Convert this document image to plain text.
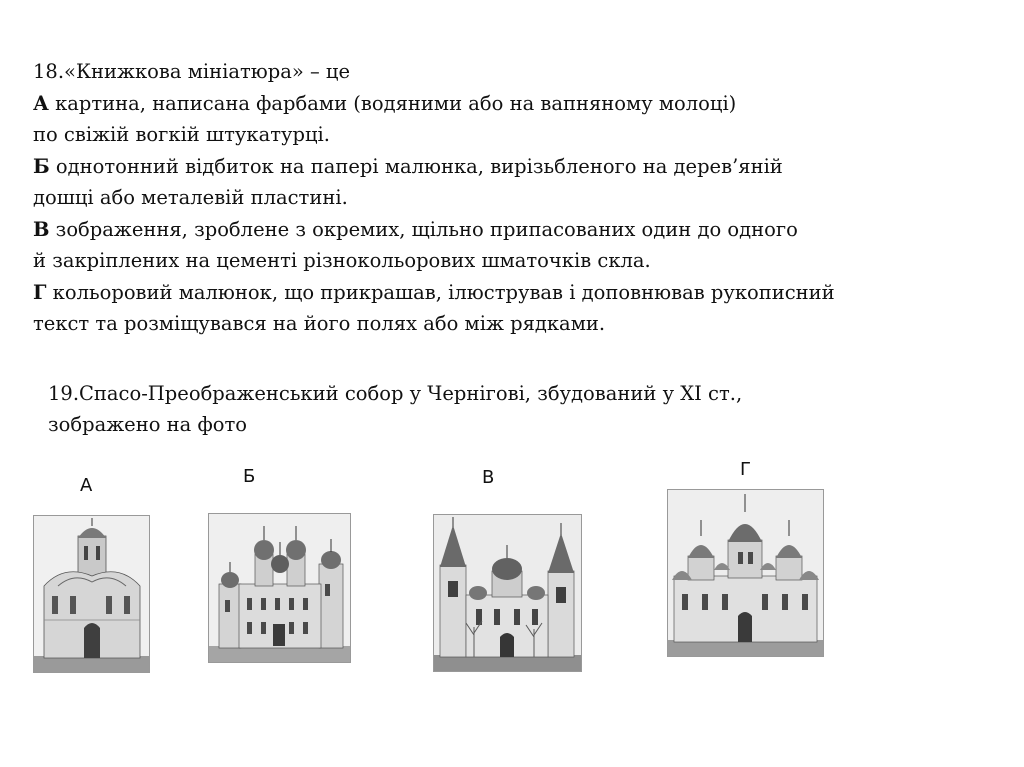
18.«Книжкова мініатюра» – це
А картина, написана фарбами (водяними або на вапняному молоці)
по свіжій вогкій штукатурці.
Б однотонний відбиток на папері малюнка, вирізьбленого на дерев’яній
дошці або металевій пластині.
В зображення, зроблене з окремих, щільно припасованих один до одного
й закріплених на цементі різнокольорових шматочків скла.
Г кольоровий малюнок, що прикрашав, ілюстрував і доповнював рукописний
текст та розміщувався на його полях або між рядками.
19.Спасо-Преображенський собор у Чернігові, збудований у XI ст.,
зображено на фото
А	Б	В	Г
